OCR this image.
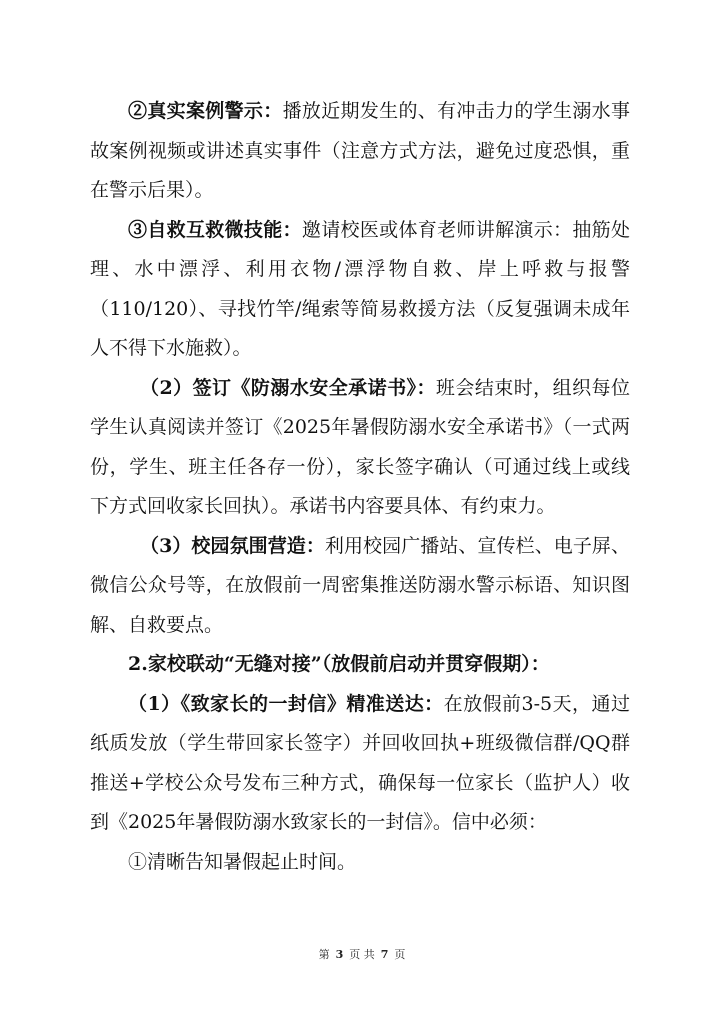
②真实案例警示：播放近期发生的、有冲击力的学生溺水事故案例视频或讲述真实事件（注意方式方法，避免过度恐惧，重在警示后果）。

③自救互救微技能：邀请校医或体育老师讲解演示：抽筋处理、水中漂浮、利用衣物/漂浮物自救、岸上呼救与报警（110/120）、寻找竹竿/绳索等简易救援方法（反复强调未成年人不得下水施救）。

（2）签订《防溺水安全承诺书》：班会结束时，组织每位学生认真阅读并签订《2025年暑假防溺水安全承诺书》（一式两份，学生、班主任各存一份），家长签字确认（可通过线上或线下方式回收家长回执）。承诺书内容要具体、有约束力。

（3）校园氛围营造：利用校园广播站、宣传栏、电子屏、微信公众号等，在放假前一周密集推送防溺水警示标语、知识图解、自救要点。

2.家校联动“无缝对接”（放假前启动并贯穿假期）：

（1）《致家长的一封信》精准送达：在放假前3-5天，通过纸质发放（学生带回家长签字）并回收回执+班级微信群/QQ群推送+学校公众号发布三种方式，确保每一位家长（监护人）收到《2025年暑假防溺水致家长的一封信》。信中必须：

①清晰告知暑假起止时间。

第 3 页 共 7 页
